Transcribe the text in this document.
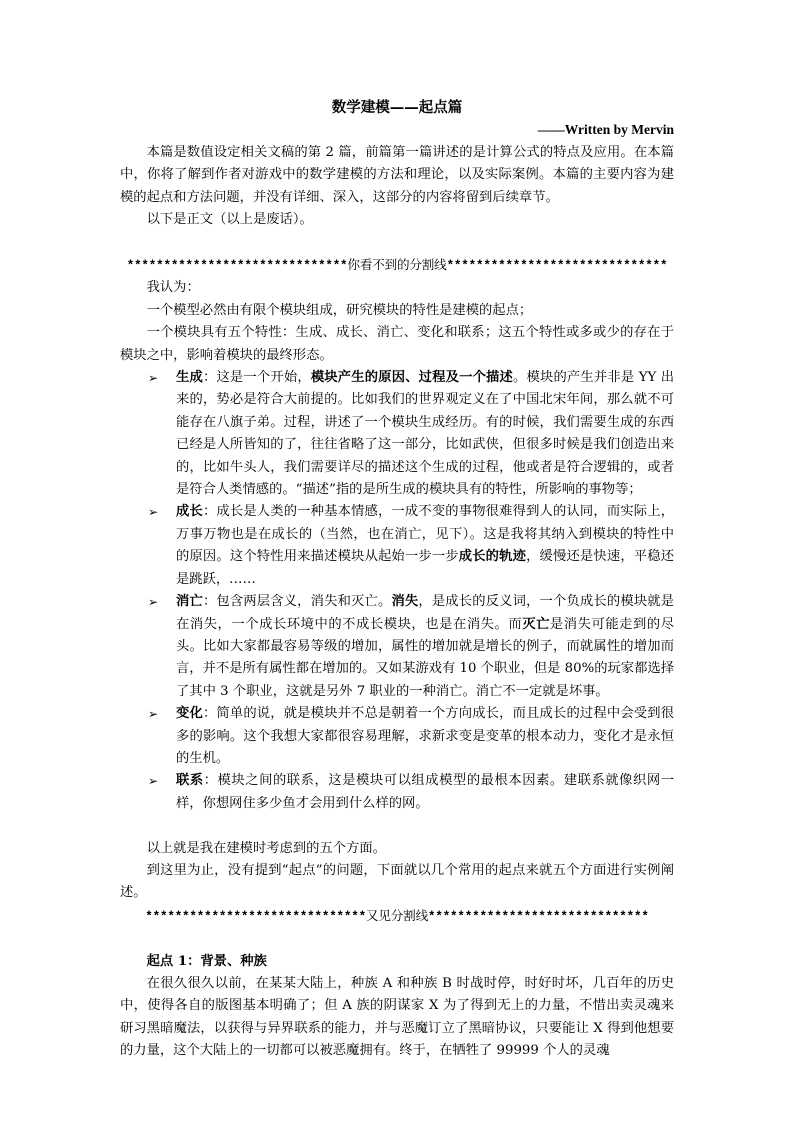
数学建模——起点篇

——Written by Mervin

本篇是数值设定相关文稿的第 2 篇，前篇第一篇讲述的是计算公式的特点及应用。在本篇中，你将了解到作者对游戏中的数学建模的方法和理论，以及实际案例。本篇的主要内容为建模的起点和方法问题，并没有详细、深入，这部分的内容将留到后续章节。

以下是正文（以上是废话）。

******************************你看不到的分割线******************************

我认为：

一个模型必然由有限个模块组成，研究模块的特性是建模的起点；

一个模块具有五个特性：生成、成长、消亡、变化和联系；这五个特性或多或少的存在于模块之中，影响着模块的最终形态。

➢ 生成：这是一个开始，模块产生的原因、过程及一个描述。模块的产生并非是 YY 出来的，势必是符合大前提的。比如我们的世界观定义在了中国北宋年间，那么就不可能存在八旗子弟。过程，讲述了一个模块生成经历。有的时候，我们需要生成的东西已经是人所皆知的了，往往省略了这一部分，比如武侠，但很多时候是我们创造出来的，比如牛头人，我们需要详尽的描述这个生成的过程，他或者是符合逻辑的，或者是符合人类情感的。“描述”指的是所生成的模块具有的特性，所影响的事物等；
➢ 成长：成长是人类的一种基本情感，一成不变的事物很难得到人的认同，而实际上，万事万物也是在成长的（当然，也在消亡，见下）。这是我将其纳入到模块的特性中的原因。这个特性用来描述模块从起始一步一步成长的轨迹，缓慢还是快速，平稳还是跳跃，……
➢ 消亡：包含两层含义，消失和灭亡。消失，是成长的反义词，一个负成长的模块就是在消失，一个成长环境中的不成长模块，也是在消失。而灭亡是消失可能走到的尽头。比如大家都最容易等级的增加，属性的增加就是增长的例子，而就属性的增加而言，并不是所有属性都在增加的。又如某游戏有 10 个职业，但是 80%的玩家都选择了其中 3 个职业，这就是另外 7 职业的一种消亡。消亡不一定就是坏事。
➢ 变化：简单的说，就是模块并不总是朝着一个方向成长，而且成长的过程中会受到很多的影响。这个我想大家都很容易理解，求新求变是变革的根本动力，变化才是永恒的生机。
➢ 联系：模块之间的联系，这是模块可以组成模型的最根本因素。建联系就像织网一样，你想网住多少鱼才会用到什么样的网。

以上就是我在建模时考虑到的五个方面。

到这里为止，没有提到“起点”的问题，下面就以几个常用的起点来就五个方面进行实例阐述。

******************************又见分割线******************************

起点 1：背景、种族

在很久很久以前，在某某大陆上，种族 A 和种族 B 时战时停，时好时坏，几百年的历史中，使得各自的版图基本明确了；但 A 族的阴谋家 X 为了得到无上的力量，不惜出卖灵魂来研习黑暗魔法，以获得与异界联系的能力，并与恶魔订立了黑暗协议，只要能让 X 得到他想要的力量，这个大陆上的一切都可以被恶魔拥有。终于，在牺牲了 99999 个人的灵魂
